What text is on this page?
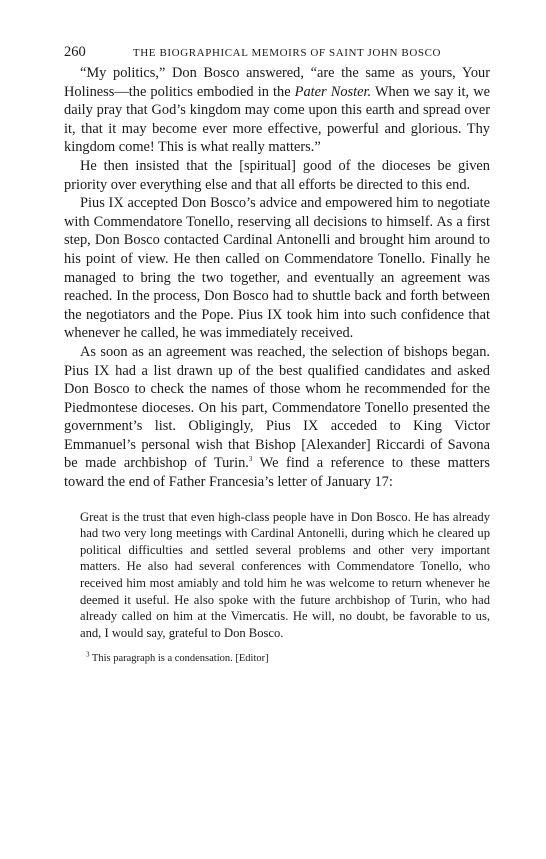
260	THE BIOGRAPHICAL MEMOIRS OF SAINT JOHN BOSCO

“My politics,” Don Bosco answered, “are the same as yours, Your Holiness—the politics embodied in the Pater Noster. When we say it, we daily pray that God’s kingdom may come upon this earth and spread over it, that it may become ever more effective, powerful and glorious. Thy kingdom come! This is what really matters.”

He then insisted that the [spiritual] good of the dioceses be given priority over everything else and that all efforts be directed to this end.

Pius IX accepted Don Bosco’s advice and empowered him to negotiate with Commendatore Tonello, reserving all decisions to himself. As a first step, Don Bosco contacted Cardinal Antonelli and brought him around to his point of view. He then called on Commendatore Tonello. Finally he managed to bring the two together, and eventually an agreement was reached. In the process, Don Bosco had to shuttle back and forth between the negotiators and the Pope. Pius IX took him into such confidence that whenever he called, he was immediately received.

As soon as an agreement was reached, the selection of bishops began. Pius IX had a list drawn up of the best qualified candidates and asked Don Bosco to check the names of those whom he recommended for the Piedmontese dioceses. On his part, Commendatore Tonello presented the government’s list. Obligingly, Pius IX acceded to King Victor Emmanuel’s personal wish that Bishop [Alexander] Riccardi of Savona be made archbishop of Turin.$^3$ We find a reference to these matters toward the end of Father Francesia’s letter of January 17:

Great is the trust that even high-class people have in Don Bosco. He has already had two very long meetings with Cardinal Antonelli, during which he cleared up political difficulties and settled several problems and other very important matters. He also had several conferences with Commendatore Tonello, who received him most amiably and told him he was welcome to return whenever he deemed it useful. He also spoke with the future archbishop of Turin, who had already called on him at the Vimercatis. He will, no doubt, be favorable to us, and, I would say, grateful to Don Bosco.

$^3$ This paragraph is a condensation. [Editor]
